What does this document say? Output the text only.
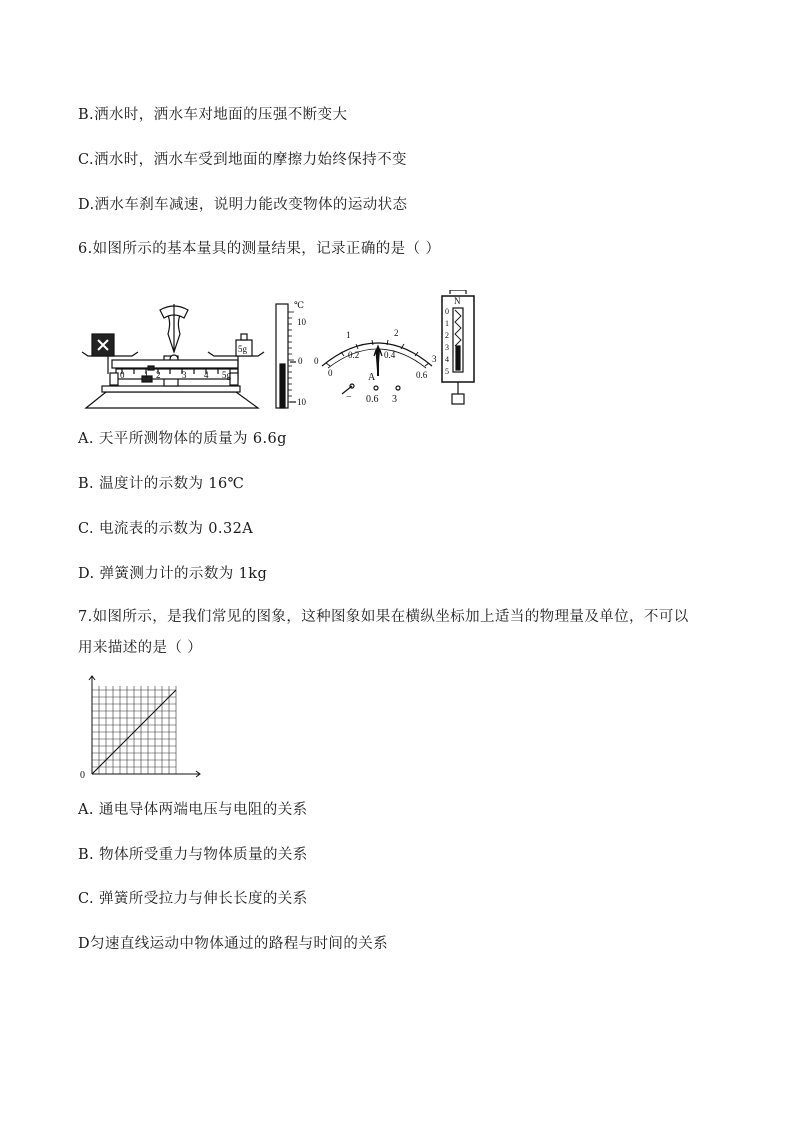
B.洒水时，洒水车对地面的压强不断变大
C.洒水时，洒水车受到地面的摩擦力始终保持不变
D.洒水车刹车减速，说明力能改变物体的运动状态
6.如图所示的基本量具的测量结果，记录正确的是（ ）
5g
0 1 2 3 4 5g
℃
10
0
10
0
1	2
3
0
0.2	0.4
0.6
A
− 0.6 3
N
0
1
2
3
4
5
A. 天平所测物体的质量为 6.6g
B. 温度计的示数为 16℃
C. 电流表的示数为 0.32A
D. 弹簧测力计的示数为 1kg
7.如图所示，是我们常见的图象，这种图象如果在横纵坐标加上适当的物理量及单位，不可以
用来描述的是（ ）
0
A. 通电导体两端电压与电阻的关系
B. 物体所受重力与物体质量的关系
C. 弹簧所受拉力与伸长长度的关系
D匀速直线运动中物体通过的路程与时间的关系
